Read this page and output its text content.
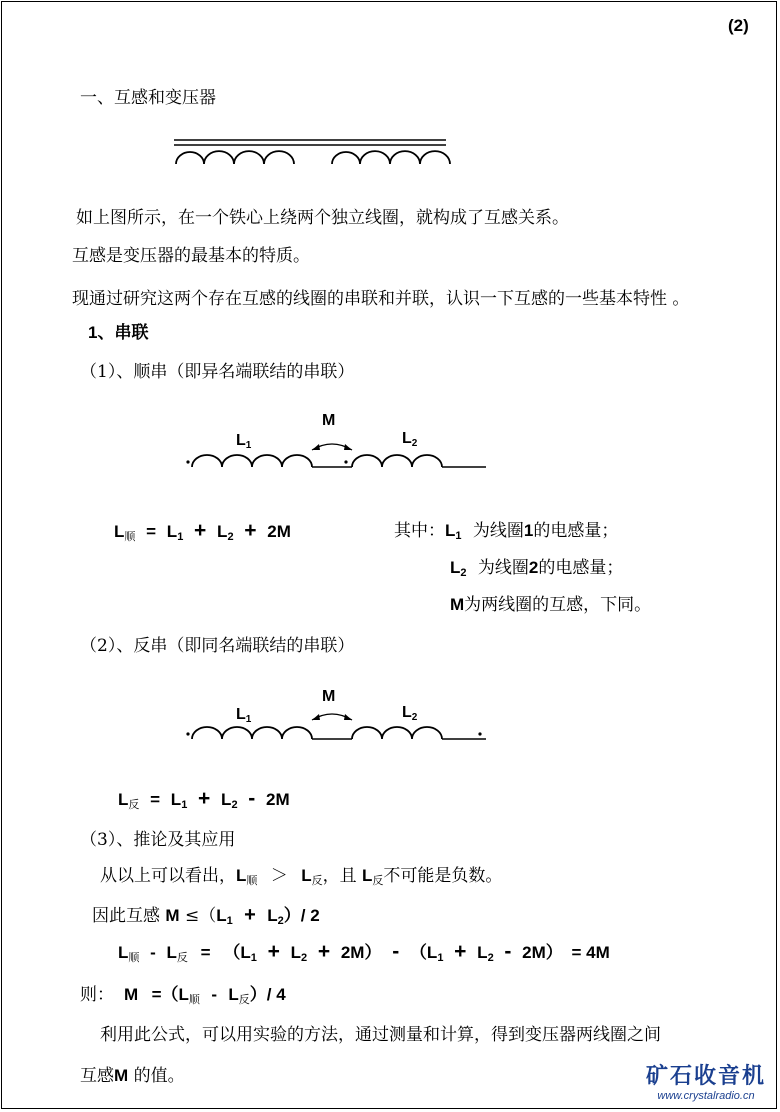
(2)
一、互感和变压器
如上图所示，在一个铁心上绕两个独立线圈，就构成了互感关系。
互感是变压器的最基本的特质。
现通过研究这两个存在互感的线圈的串联和并联，认识一下互感的一些基本特性 。
1、串联
（1）、顺串（即异名端联结的串联）
M
$L_1$	$L_2$
L顺 = $L_1 + L_2 + 2M$	其中：$L_1$ 为线圈1的电感量；
$L_2$ 为线圈2的电感量；
M为两线圈的互感，下同。
（2）、反串（即同名端联结的串联）
M
$L_1$	$L_2$
L反 = $L_1 + L_2 - 2M$
（3）、推论及其应用
从以上可以看出，L顺 ＞ L反，且 L反不可能是负数。
因此互感 $M \le(L_1 + L_2)/$ 2
L顺 - L反 = $(L_1 + L_2 + 2M) - (L_1 + L_2 - 2M) = 4M$
则： M =（L顺 - L反）/ 4
利用此公式，可以用实验的方法，通过测量和计算，得到变压器两线圈之间
互感M 的值。	矿石收音机
www.crystalradio.cn
